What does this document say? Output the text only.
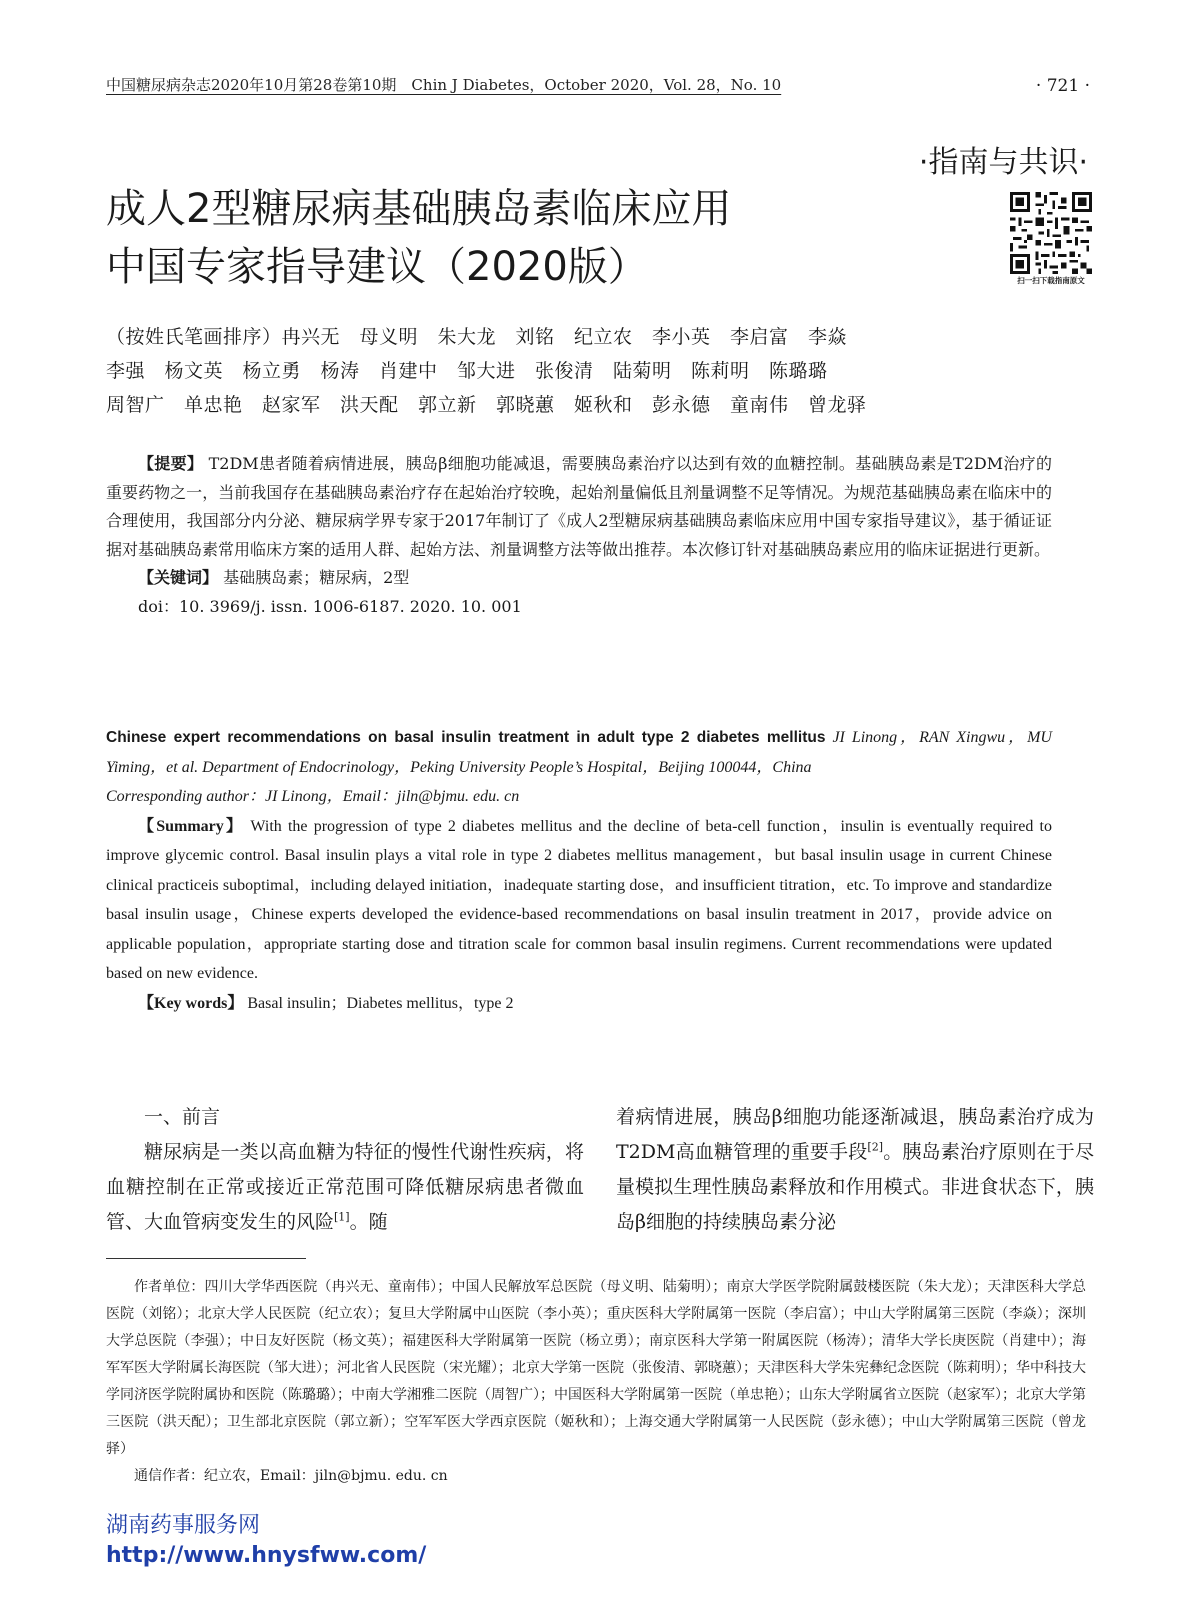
中国糖尿病杂志2020年10月第28卷第10期　Chin J Diabetes，October 2020，Vol. 28，No. 10	· 721 ·
·指南与共识·
成人2型糖尿病基础胰岛素临床应用
中国专家指导建议（2020版）	扫一扫下载指南原文
（按姓氏笔画排序）冉兴无　母义明　朱大龙　刘铭　纪立农　李小英　李启富　李焱
李强　杨文英　杨立勇　杨涛　肖建中　邹大进　张俊清　陆菊明　陈莉明　陈璐璐
周智广　单忠艳　赵家军　洪天配　郭立新　郭晓蕙　姬秋和　彭永德　童南伟　曾龙驿

【提要】 T2DM患者随着病情进展，胰岛β细胞功能减退，需要胰岛素治疗以达到有效的血糖控制。基础胰岛素是T2DM治疗的重要药物之一，当前我国存在基础胰岛素治疗存在起始治疗较晚，起始剂量偏低且剂量调整不足等情况。为规范基础胰岛素在临床中的合理使用，我国部分内分泌、糖尿病学界专家于2017年制订了《成人2型糖尿病基础胰岛素临床应用中国专家指导建议》，基于循证证据对基础胰岛素常用临床方案的适用人群、起始方法、剂量调整方法等做出推荐。本次修订针对基础胰岛素应用的临床证据进行更新。

【关键词】 基础胰岛素；糖尿病，2型

doi：10. 3969/j. issn. 1006-6187. 2020. 10. 001

Chinese expert recommendations on basal insulin treatment in adult type 2 diabetes mellitus JI Linong，RAN Xingwu，MU Yiming，et al. Department of Endocrinology，Peking University People’s Hospital，Beijing 100044，China

Corresponding author：JI Linong，Email：jiln@bjmu. edu. cn

【Summary】 With the progression of type 2 diabetes mellitus and the decline of beta-cell function，insulin is eventually required to improve glycemic control. Basal insulin plays a vital role in type 2 diabetes mellitus management，but basal insulin usage in current Chinese clinical practiceis suboptimal，including delayed initiation，inadequate starting dose，and insufficient titration，etc. To improve and standardize basal insulin usage，Chinese experts developed the evidence-based recommendations on basal insulin treatment in 2017，provide advice on applicable population，appropriate starting dose and titration scale for common basal insulin regimens. Current recommendations were updated based on new evidence.

【Key words】 Basal insulin；Diabetes mellitus，type 2

一、前言

糖尿病是一类以高血糖为特征的慢性代谢性疾病，将血糖控制在正常或接近正常范围可降低糖尿病患者微血管、大血管病变发生的风险[1]。随

着病情进展，胰岛β细胞功能逐渐减退，胰岛素治疗成为T2DM高血糖管理的重要手段[2]。胰岛素治疗原则在于尽量模拟生理性胰岛素释放和作用模式。非进食状态下，胰岛β细胞的持续胰岛素分泌

作者单位：四川大学华西医院（冉兴无、童南伟）；中国人民解放军总医院（母义明、陆菊明）；南京大学医学院附属鼓楼医院（朱大龙）；天津医科大学总医院（刘铭）；北京大学人民医院（纪立农）；复旦大学附属中山医院（李小英）；重庆医科大学附属第一医院（李启富）；中山大学附属第三医院（李焱）；深圳大学总医院（李强）；中日友好医院（杨文英）；福建医科大学附属第一医院（杨立勇）；南京医科大学第一附属医院（杨涛）；清华大学长庚医院（肖建中）；海军军医大学附属长海医院（邹大进）；河北省人民医院（宋光耀）；北京大学第一医院（张俊清、郭晓蕙）；天津医科大学朱宪彝纪念医院（陈莉明）；华中科技大学同济医学院附属协和医院（陈璐璐）；中南大学湘雅二医院（周智广）；中国医科大学附属第一医院（单忠艳）；山东大学附属省立医院（赵家军）；北京大学第三医院（洪天配）；卫生部北京医院（郭立新）；空军军医大学西京医院（姬秋和）；上海交通大学附属第一人民医院（彭永德）；中山大学附属第三医院（曾龙驿）

通信作者：纪立农，Email：jiln@bjmu. edu. cn

湖南药事服务网
http://www.hnysfww.com/
